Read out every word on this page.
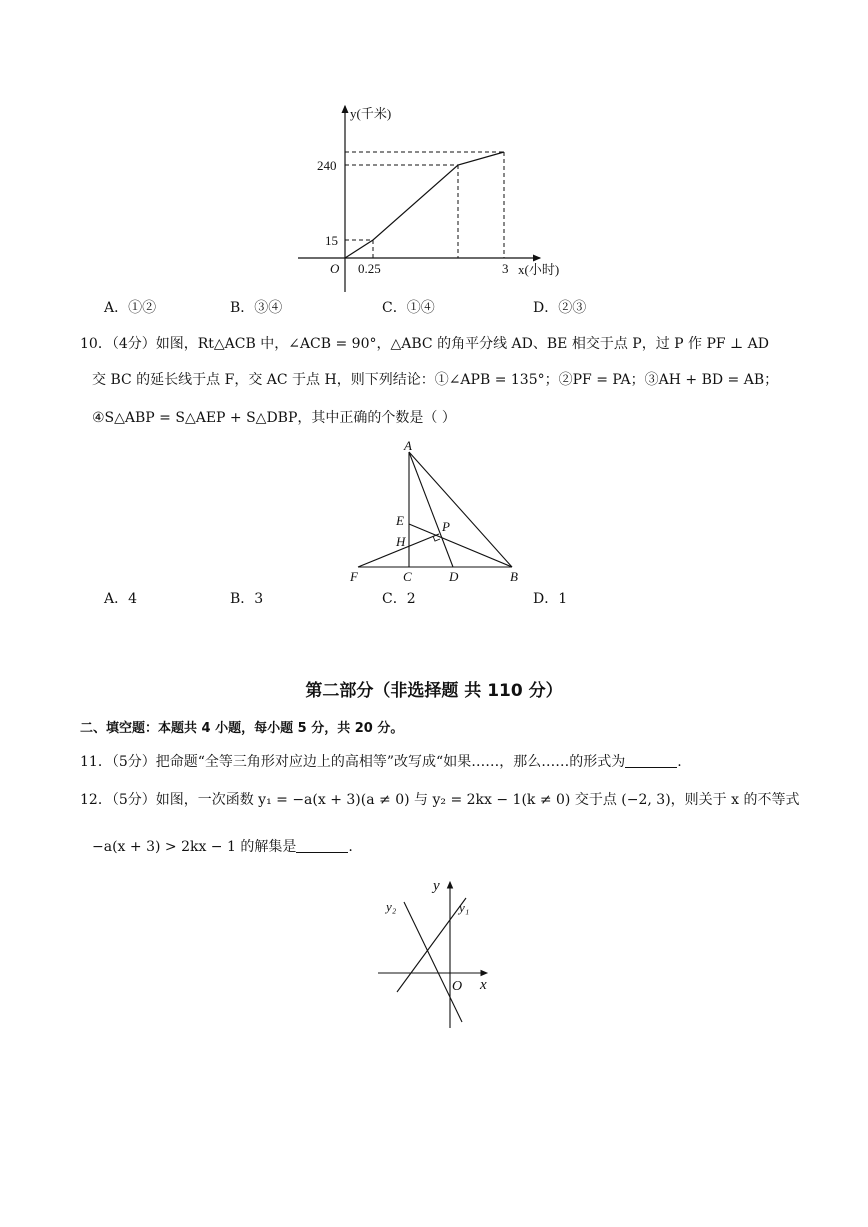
y(千米)
x(小时)
O
240
15
0.25	3
A．①②	B．③④	C．①④	D．②③
10．（4分）如图，Rt△ACB 中，∠ACB = 90°，△ABC 的角平分线 AD、BE 相交于点 P，过 P 作 PF ⊥ AD
交 BC 的延长线于点 F，交 AC 于点 H，则下列结论：①∠APB = 135°；②PF = PA；③AH + BD = AB；
④S△ABP = S△AEP + S△DBP，其中正确的个数是（ ）
A
E	P
H
F	C	D	B
A．4	B．3	C．2	D．1
第二部分（非选择题 共 110 分）
二、填空题：本题共 4 小题，每小题 5 分，共 20 分。
11．（5分）把命题“全等三角形对应边上的高相等”改写成“如果……，那么……的形式为	.
12．（5分）如图，一次函数 y₁ = −a(x + 3)(a ≠ 0) 与 y₂ = 2kx − 1(k ≠ 0) 交于点 (−2, 3)，则关于 x 的不等式
−a(x + 3) > 2kx − 1 的解集是	.
y
x
O
y₁
y₂
